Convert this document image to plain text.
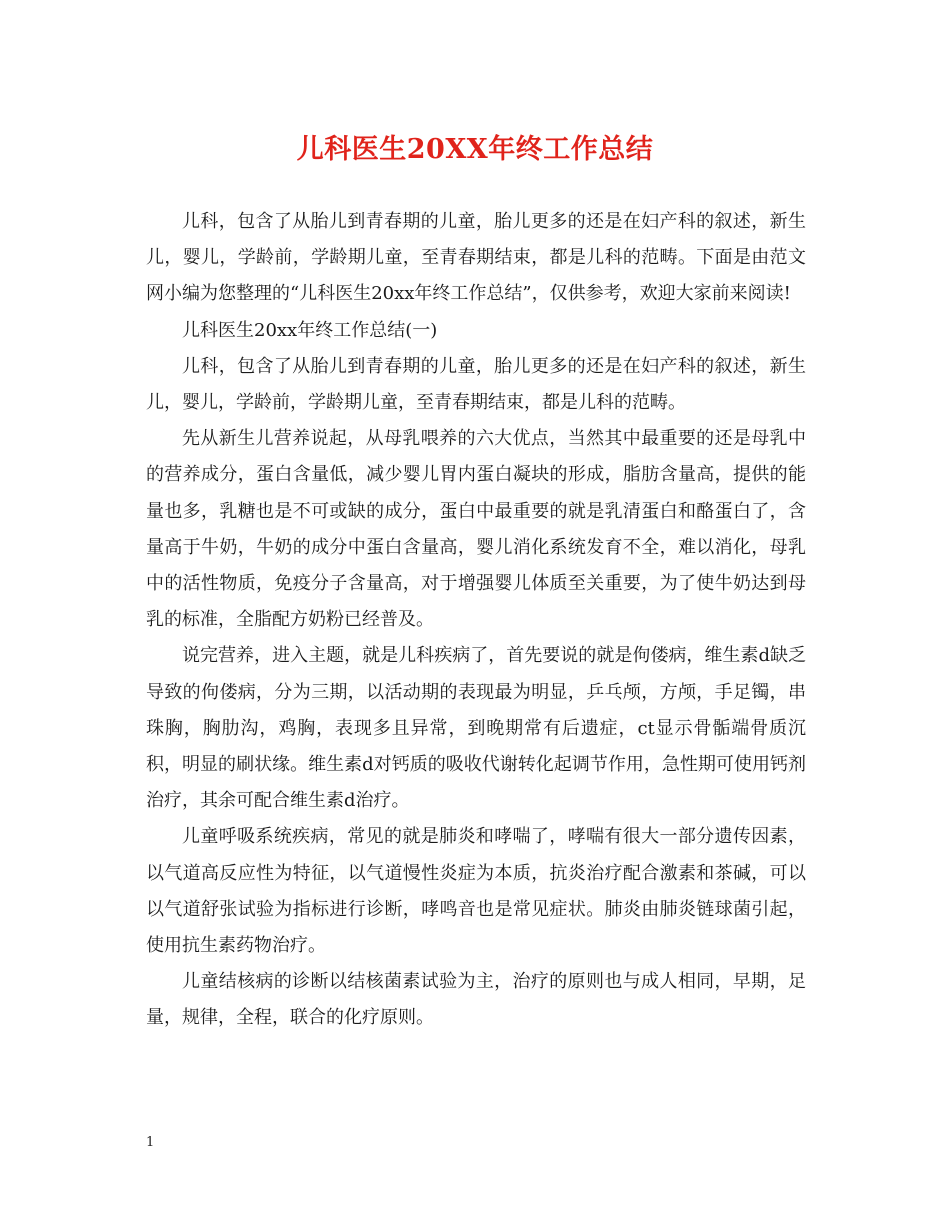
儿科医生20XX年终工作总结

儿科，包含了从胎儿到青春期的儿童，胎儿更多的还是在妇产科的叙述，新生儿，婴儿，学龄前，学龄期儿童，至青春期结束，都是儿科的范畴。下面是由范文网小编为您整理的“儿科医生20xx年终工作总结”，仅供参考，欢迎大家前来阅读!

儿科医生20xx年终工作总结(一)

儿科，包含了从胎儿到青春期的儿童，胎儿更多的还是在妇产科的叙述，新生儿，婴儿，学龄前，学龄期儿童，至青春期结束，都是儿科的范畴。

先从新生儿营养说起，从母乳喂养的六大优点，当然其中最重要的还是母乳中的营养成分，蛋白含量低，减少婴儿胃内蛋白凝块的形成，脂肪含量高，提供的能量也多，乳糖也是不可或缺的成分，蛋白中最重要的就是乳清蛋白和酪蛋白了，含量高于牛奶，牛奶的成分中蛋白含量高，婴儿消化系统发育不全，难以消化，母乳中的活性物质，免疫分子含量高，对于增强婴儿体质至关重要，为了使牛奶达到母乳的标准，全脂配方奶粉已经普及。

说完营养，进入主题，就是儿科疾病了，首先要说的就是佝偻病，维生素d缺乏导致的佝偻病，分为三期，以活动期的表现最为明显，乒乓颅，方颅，手足镯，串珠胸，胸肋沟，鸡胸，表现多且异常，到晚期常有后遗症，ct显示骨骺端骨质沉积，明显的刷状缘。维生素d对钙质的吸收代谢转化起调节作用，急性期可使用钙剂治疗，其余可配合维生素d治疗。

儿童呼吸系统疾病，常见的就是肺炎和哮喘了，哮喘有很大一部分遗传因素，以气道高反应性为特征，以气道慢性炎症为本质，抗炎治疗配合激素和茶碱，可以以气道舒张试验为指标进行诊断，哮鸣音也是常见症状。肺炎由肺炎链球菌引起，使用抗生素药物治疗。

儿童结核病的诊断以结核菌素试验为主，治疗的原则也与成人相同，早期，足量，规律，全程，联合的化疗原则。

1
